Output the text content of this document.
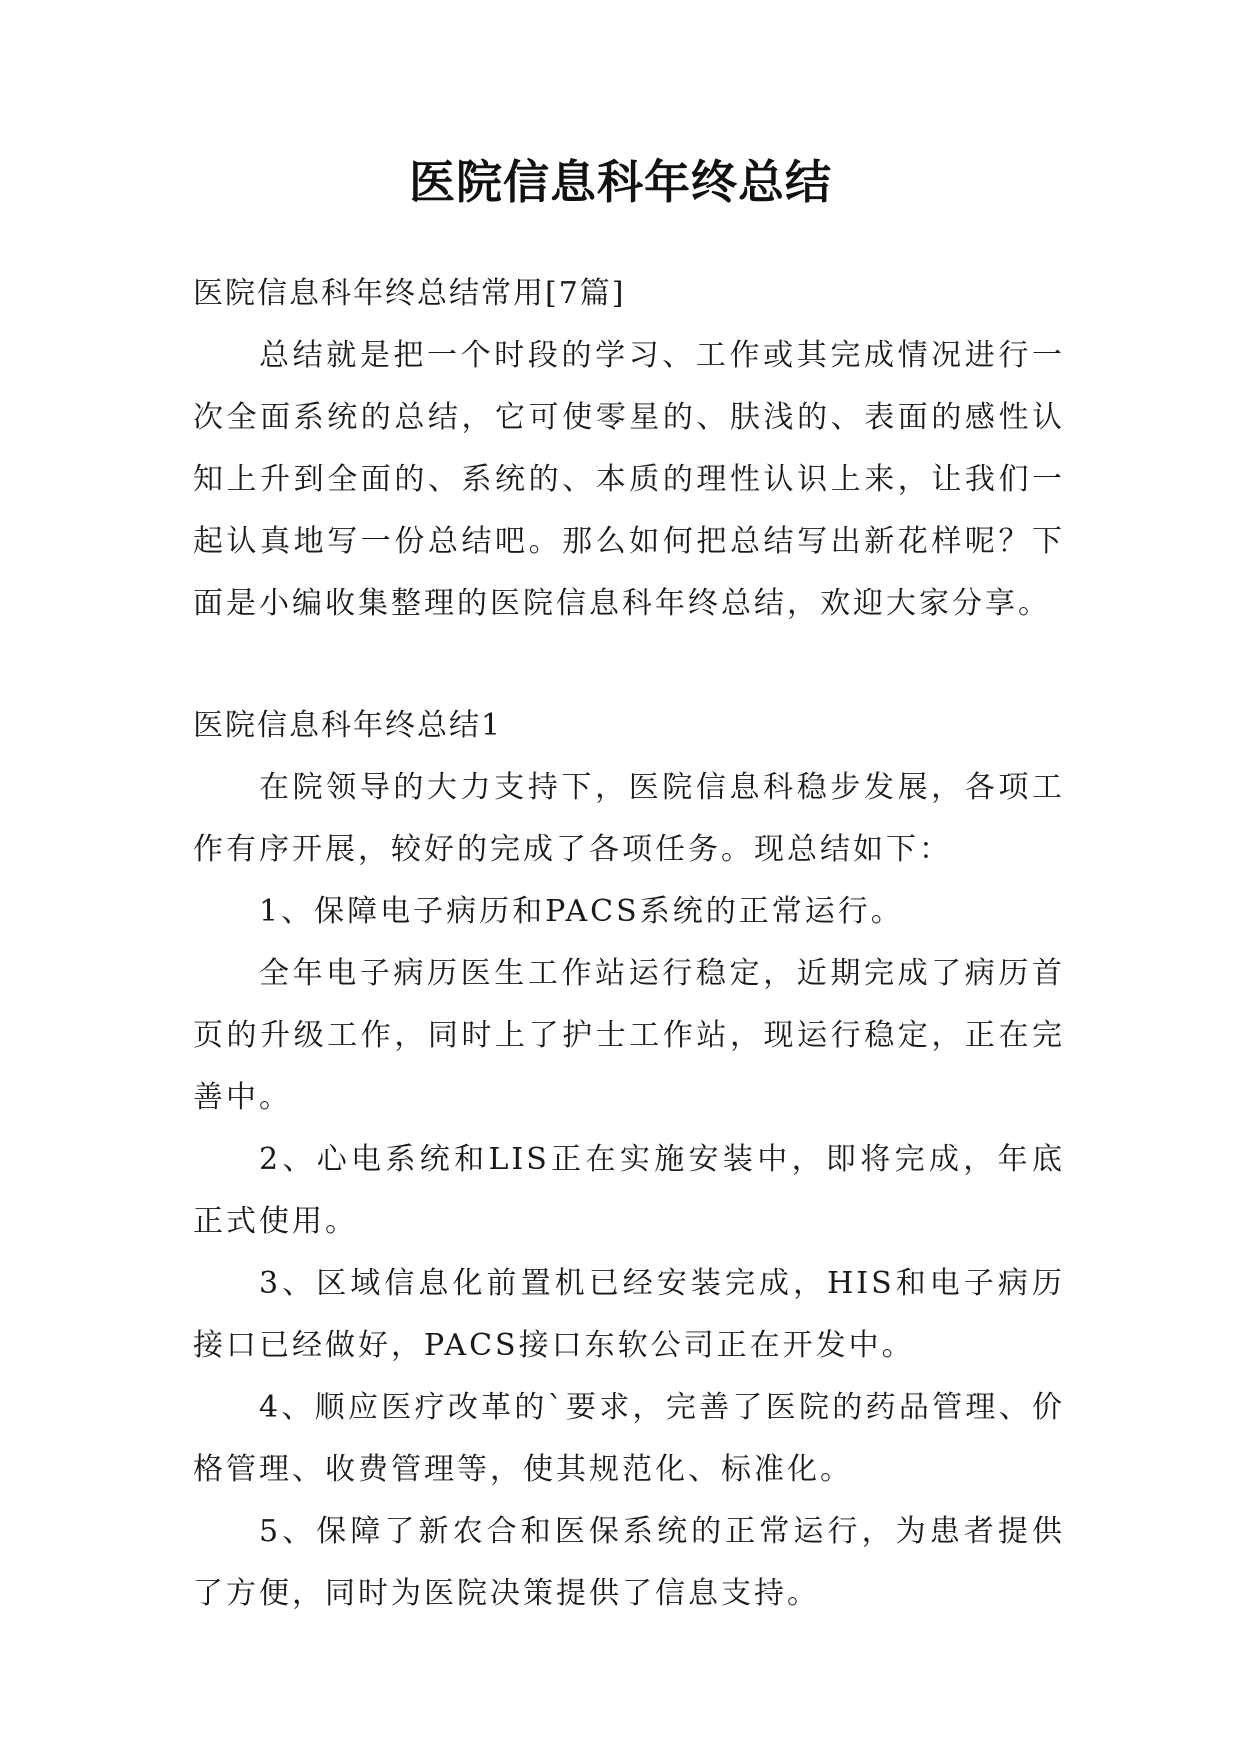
医院信息科年终总结

医院信息科年终总结常用[7篇]

总结就是把一个时段的学习、工作或其完成情况进行一次全面系统的总结，它可使零星的、肤浅的、表面的感性认知上升到全面的、系统的、本质的理性认识上来，让我们一起认真地写一份总结吧。那么如何把总结写出新花样呢？下面是小编收集整理的医院信息科年终总结，欢迎大家分享。

医院信息科年终总结1

在院领导的大力支持下，医院信息科稳步发展，各项工作有序开展，较好的完成了各项任务。现总结如下：

1、保障电子病历和PACS系统的正常运行。

全年电子病历医生工作站运行稳定，近期完成了病历首页的升级工作，同时上了护士工作站，现运行稳定，正在完善中。

2、心电系统和LIS正在实施安装中，即将完成，年底正式使用。

3、区域信息化前置机已经安装完成，HIS和电子病历接口已经做好，PACS接口东软公司正在开发中。

4、顺应医疗改革的`要求，完善了医院的药品管理、价格管理、收费管理等，使其规范化、标准化。

5、保障了新农合和医保系统的正常运行，为患者提供了方便，同时为医院决策提供了信息支持。
